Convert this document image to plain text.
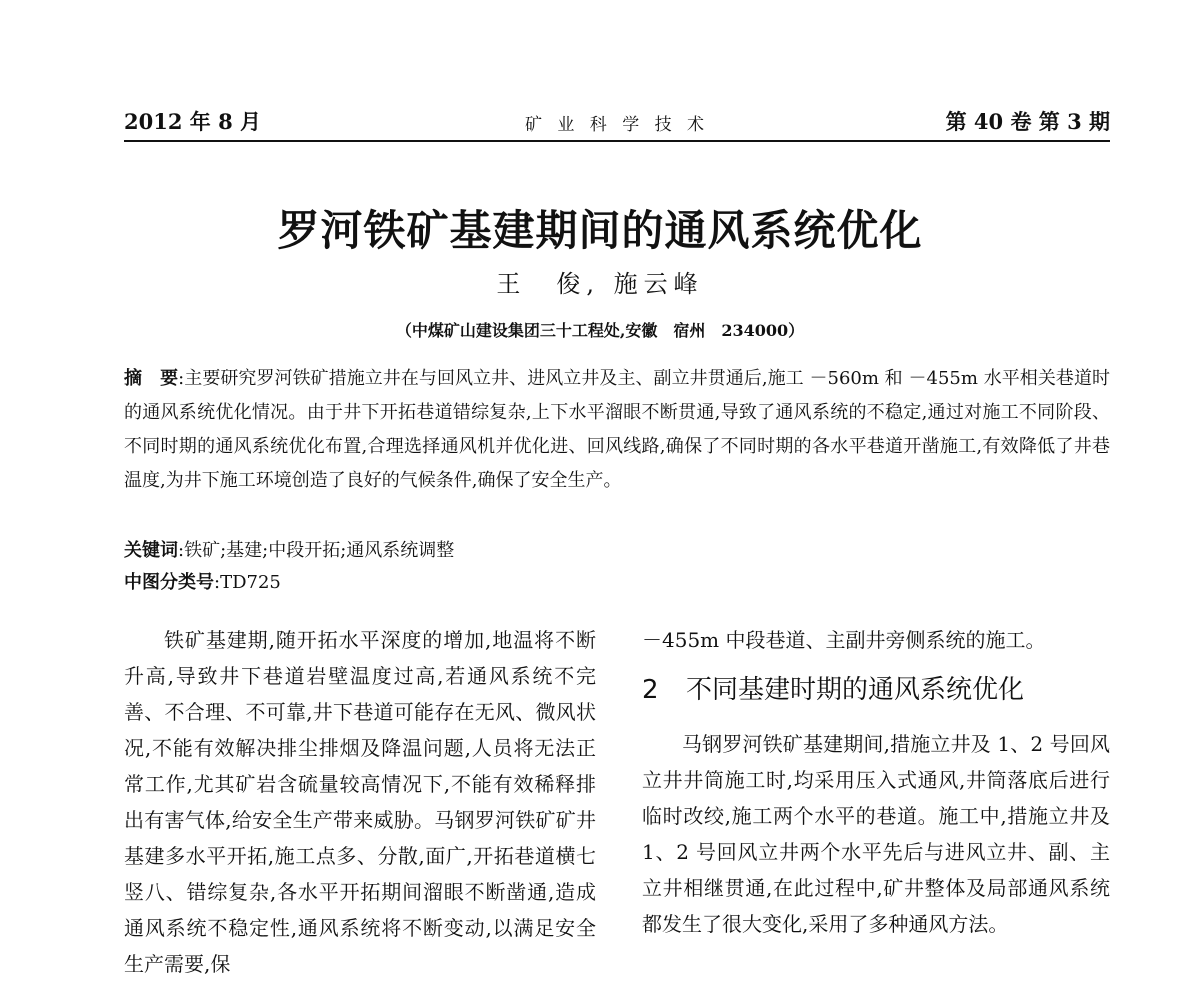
2012 年 8 月	矿 业 科 学 技 术	第 40 卷 第 3 期
罗河铁矿基建期间的通风系统优化
王　俊, 施云峰
（中煤矿山建设集团三十工程处,安徽　宿州　234000）
摘　要:主要研究罗河铁矿措施立井在与回风立井、进风立井及主、副立井贯通后,施工 －560m 和 －455m 水平相关巷道时的通风系统优化情况。由于井下开拓巷道错综复杂,上下水平溜眼不断贯通,导致了通风系统的不稳定,通过对施工不同阶段、不同时期的通风系统优化布置,合理选择通风机并优化进、回风线路,确保了不同时期的各水平巷道开凿施工,有效降低了井巷温度,为井下施工环境创造了良好的气候条件,确保了安全生产。
关键词:铁矿;基建;中段开拓;通风系统调整
中图分类号:TD725

铁矿基建期,随开拓水平深度的增加,地温将不断升高,导致井下巷道岩壁温度过高,若通风系统不完善、不合理、不可靠,井下巷道可能存在无风、微风状况,不能有效解决排尘排烟及降温问题,人员将无法正常工作,尤其矿岩含硫量较高情况下,不能有效稀释排出有害气体,给安全生产带来威胁。马钢罗河铁矿矿井基建多水平开拓,施工点多、分散,面广,开拓巷道横七竖八、错综复杂,各水平开拓期间溜眼不断凿通,造成通风系统不稳定性,通风系统将不断变动,以满足安全生产需要,保

－455m 中段巷道、主副井旁侧系统的施工。

2 不同基建时期的通风系统优化

马钢罗河铁矿基建期间,措施立井及 1、2 号回风立井井筒施工时,均采用压入式通风,井筒落底后进行临时改绞,施工两个水平的巷道。施工中,措施立井及 1、2 号回风立井两个水平先后与进风立井、副、主立井相继贯通,在此过程中,矿井整体及局部通风系统都发生了很大变化,采用了多种通风方法。
